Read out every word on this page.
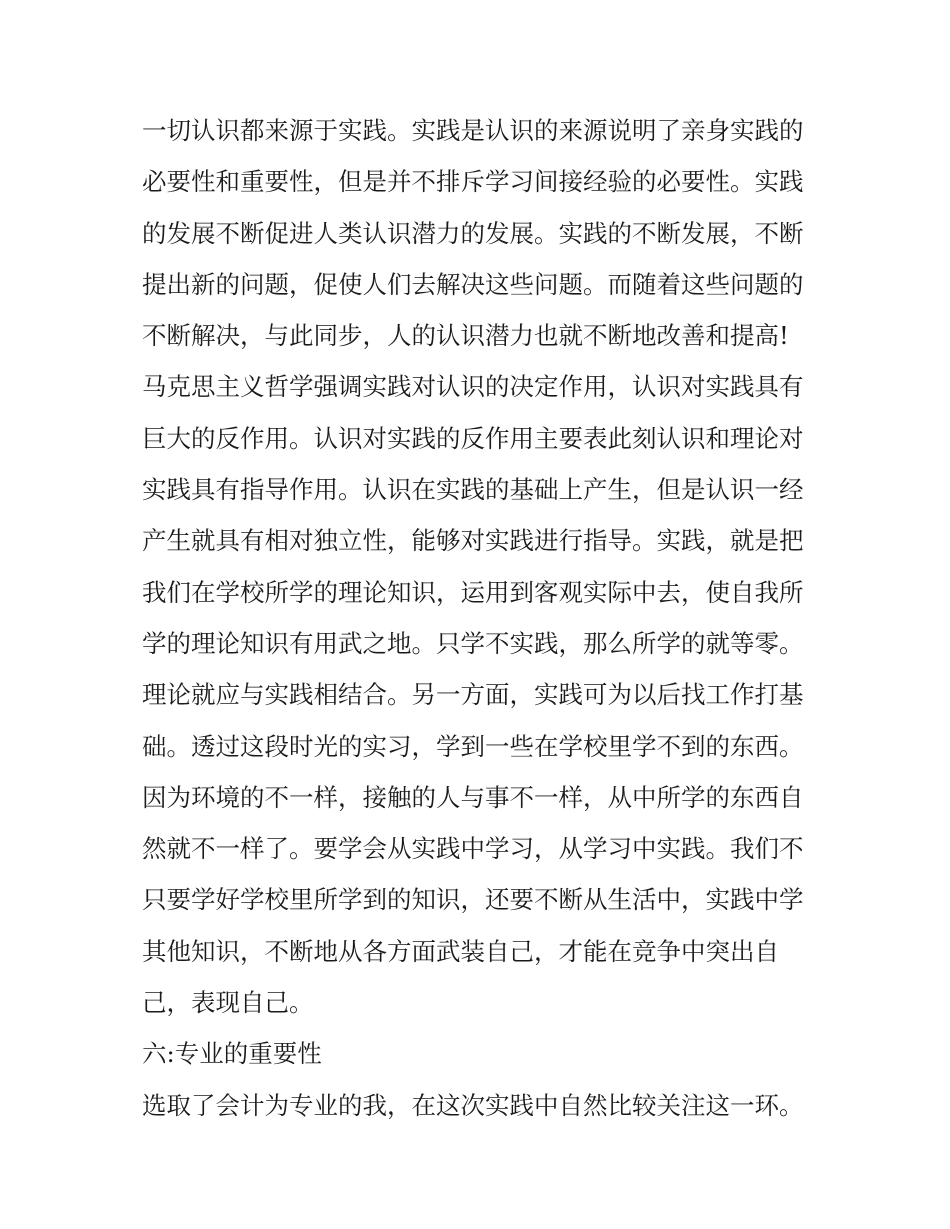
一切认识都来源于实践。实践是认识的来源说明了亲身实践的
必要性和重要性，但是并不排斥学习间接经验的必要性。实践
的发展不断促进人类认识潜力的发展。实践的不断发展，不断
提出新的问题，促使人们去解决这些问题。而随着这些问题的
不断解决，与此同步，人的认识潜力也就不断地改善和提高!
马克思主义哲学强调实践对认识的决定作用，认识对实践具有
巨大的反作用。认识对实践的反作用主要表此刻认识和理论对
实践具有指导作用。认识在实践的基础上产生，但是认识一经
产生就具有相对独立性，能够对实践进行指导。实践，就是把
我们在学校所学的理论知识，运用到客观实际中去，使自我所
学的理论知识有用武之地。只学不实践，那么所学的就等零。
理论就应与实践相结合。另一方面，实践可为以后找工作打基
础。透过这段时光的实习，学到一些在学校里学不到的东西。
因为环境的不一样，接触的人与事不一样，从中所学的东西自
然就不一样了。要学会从实践中学习，从学习中实践。我们不
只要学好学校里所学到的知识，还要不断从生活中，实践中学
其他知识，不断地从各方面武装自己，才能在竞争中突出自
己，表现自己。
六:专业的重要性
选取了会计为专业的我，在这次实践中自然比较关注这一环。
